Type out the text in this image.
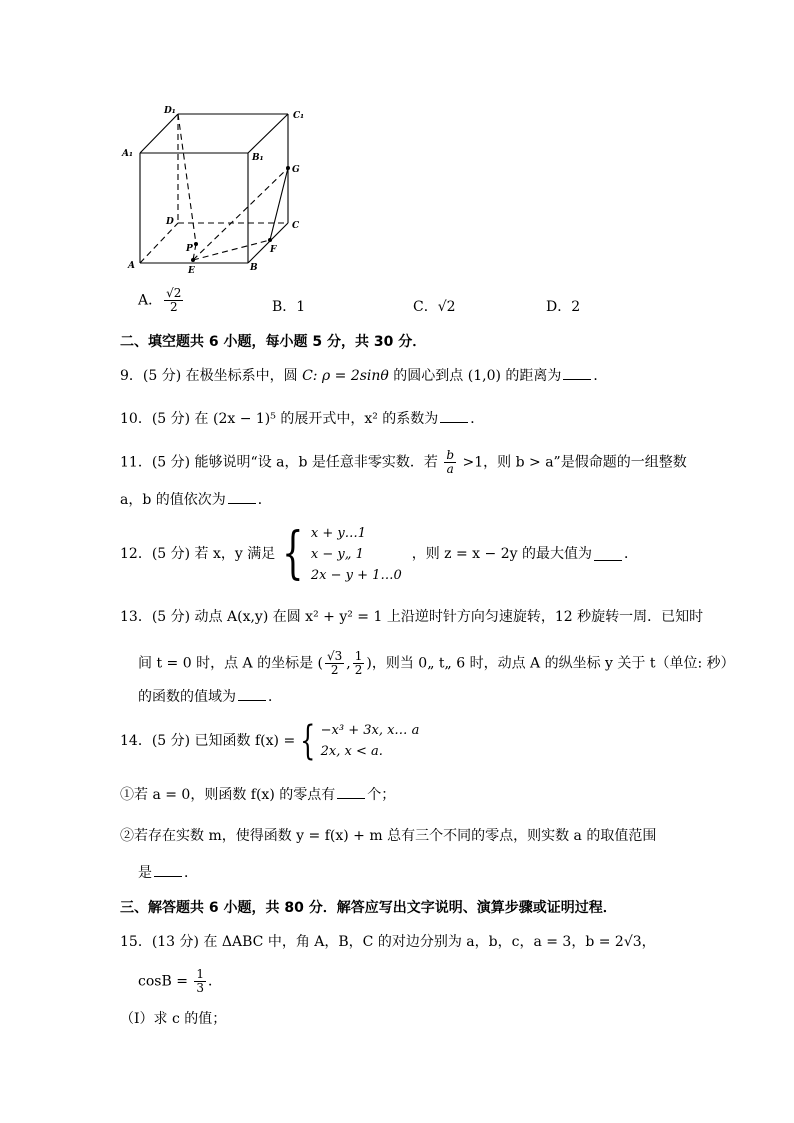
D₁	C₁
A₁	B₁
G
D	C
P	F
A	E	B
A． $\frac{√2}{2}$	B．1	C．√2	D．2
二、填空题共 6 小题，每小题 5 分，共 30 分．
9．(5 分) 在极坐标系中，圆 C: ρ = 2sinθ 的圆心到点 (1,0) 的距离为 ．
10．(5 分) 在 (2x − 1)⁵ 的展开式中，x² 的系数为 ．
11．(5 分) 能够说明“设 a，b 是任意非零实数．若 $\frac{b}{a} >1$，则 b > a”是假命题的一组整数
a，b 的值依次为 ．
12．(5 分) 若 x，y 满足 { x + y…1
x − y„ 1
2x − y + 1…0
，则 z = x − 2y 的最大值为 ．
13．(5 分) 动点 A(x,y) 在圆 x² + y² = 1 上沿逆时针方向匀速旋转，12 秒旋转一周．已知时
间 t = 0 时，点 A 的坐标是 ( $\frac{√3}{2}$ , $\frac{1}{2}$ )，则当 0„ t„ 6 时，动点 A 的纵坐标 y 关于 t（单位: 秒）
的函数的值域为 ．
14．(5 分) 已知函数 f(x) = { −x³ + 3x, x… a
2x, x < a.
①若 a = 0，则函数 f(x) 的零点有 个；
②若存在实数 m，使得函数 y = f(x) + m 总有三个不同的零点，则实数 a 的取值范围
是 ．
三、解答题共 6 小题，共 80 分．解答应写出文字说明、演算步骤或证明过程．
15．(13 分) 在 ΔABC 中，角 A，B，C 的对边分别为 a，b，c，a = 3，b = 2√3，
$\cos B = \frac{1}{3}$ ．
（Ⅰ）求 c 的值；
